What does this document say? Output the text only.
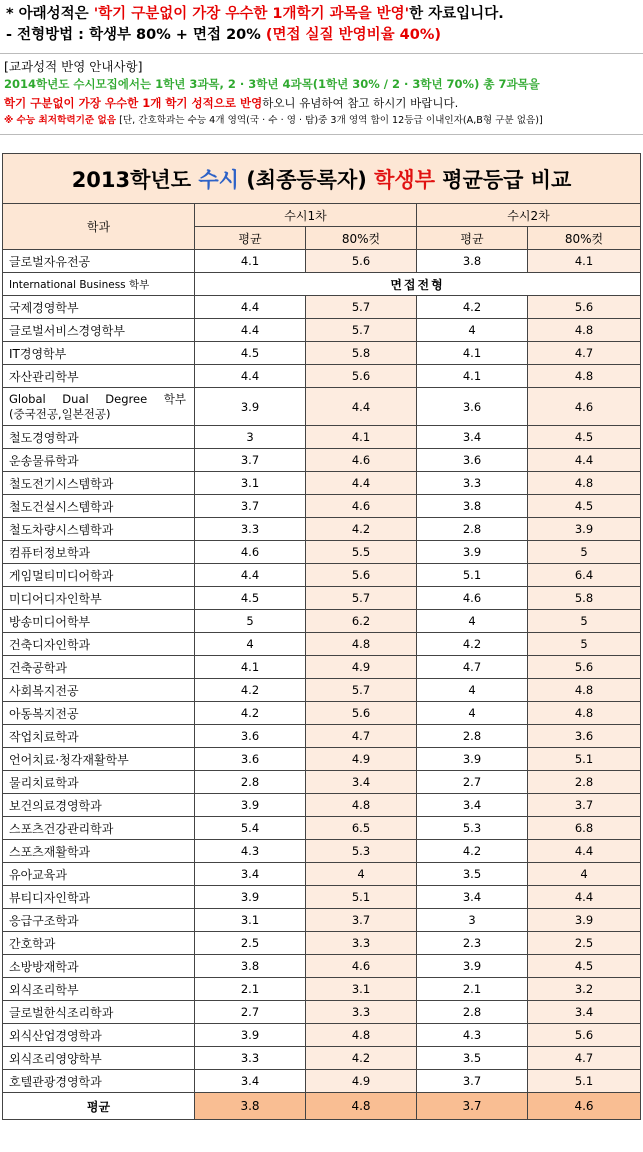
* 아래성적은 '학기 구분없이 가장 우수한 1개학기 과목을 반영'한 자료입니다.
- 전형방법 : 학생부 80% + 면접 20% (면접 실질 반영비율 40%)
[교과성적 반영 안내사항]
2014학년도 수시모집에서는 1학년 3과목, 2 · 3학년 4과목(1학년 30% / 2 · 3학년 70%) 총 7과목을
학기 구분없이 가장 우수한 1개 학기 성적으로 반영하오니 유념하여 참고 하시기 바랍니다.
※ 수능 최저학력기준 없음 [단, 간호학과는 수능 4개 영역(국 · 수 · 영 · 탐)중 3개 영역 합이 12등급 이내인자(A,B형 구분 없음)]
2013학년도 수시 (최종등록자) 학생부 평균등급 비교				
학과	수시1차		수시2차	
	평균	80%컷	평균	80%컷
글로벌자유전공	4.1	5.6	3.8	4.1
International Business 학부	면접전형			
국제경영학부	4.4	5.7	4.2	5.6
글로벌서비스경영학부	4.4	5.7	4	4.8
IT경영학부	4.5	5.8	4.1	4.7
자산관리학부	4.4	5.6	4.1	4.8

Global Dual Degree 학부
(중국전공,일본전공)	3.9	4.4	3.6	4.6
철도경영학과	3	4.1	3.4	4.5
운송물류학과	3.7	4.6	3.6	4.4
철도전기시스템학과	3.1	4.4	3.3	4.8
철도건설시스템학과	3.7	4.6	3.8	4.5
철도차량시스템학과	3.3	4.2	2.8	3.9
컴퓨터정보학과	4.6	5.5	3.9	5
게임멀티미디어학과	4.4	5.6	5.1	6.4
미디어디자인학부	4.5	5.7	4.6	5.8
방송미디어학부	5	6.2	4	5
건축디자인학과	4	4.8	4.2	5
건축공학과	4.1	4.9	4.7	5.6
사회복지전공	4.2	5.7	4	4.8
아동복지전공	4.2	5.6	4	4.8
작업치료학과	3.6	4.7	2.8	3.6
언어치료·청각재활학부	3.6	4.9	3.9	5.1
물리치료학과	2.8	3.4	2.7	2.8
보건의료경영학과	3.9	4.8	3.4	3.7
스포츠건강관리학과	5.4	6.5	5.3	6.8
스포츠재활학과	4.3	5.3	4.2	4.4
유아교육과	3.4	4	3.5	4
뷰티디자인학과	3.9	5.1	3.4	4.4
응급구조학과	3.1	3.7	3	3.9
간호학과	2.5	3.3	2.3	2.5
소방방재학과	3.8	4.6	3.9	4.5
외식조리학부	2.1	3.1	2.1	3.2
글로벌한식조리학과	2.7	3.3	2.8	3.4
외식산업경영학과	3.9	4.8	4.3	5.6
외식조리영양학부	3.3	4.2	3.5	4.7
호텔관광경영학과	3.4	4.9	3.7	5.1
평균	3.8	4.8	3.7	4.6
